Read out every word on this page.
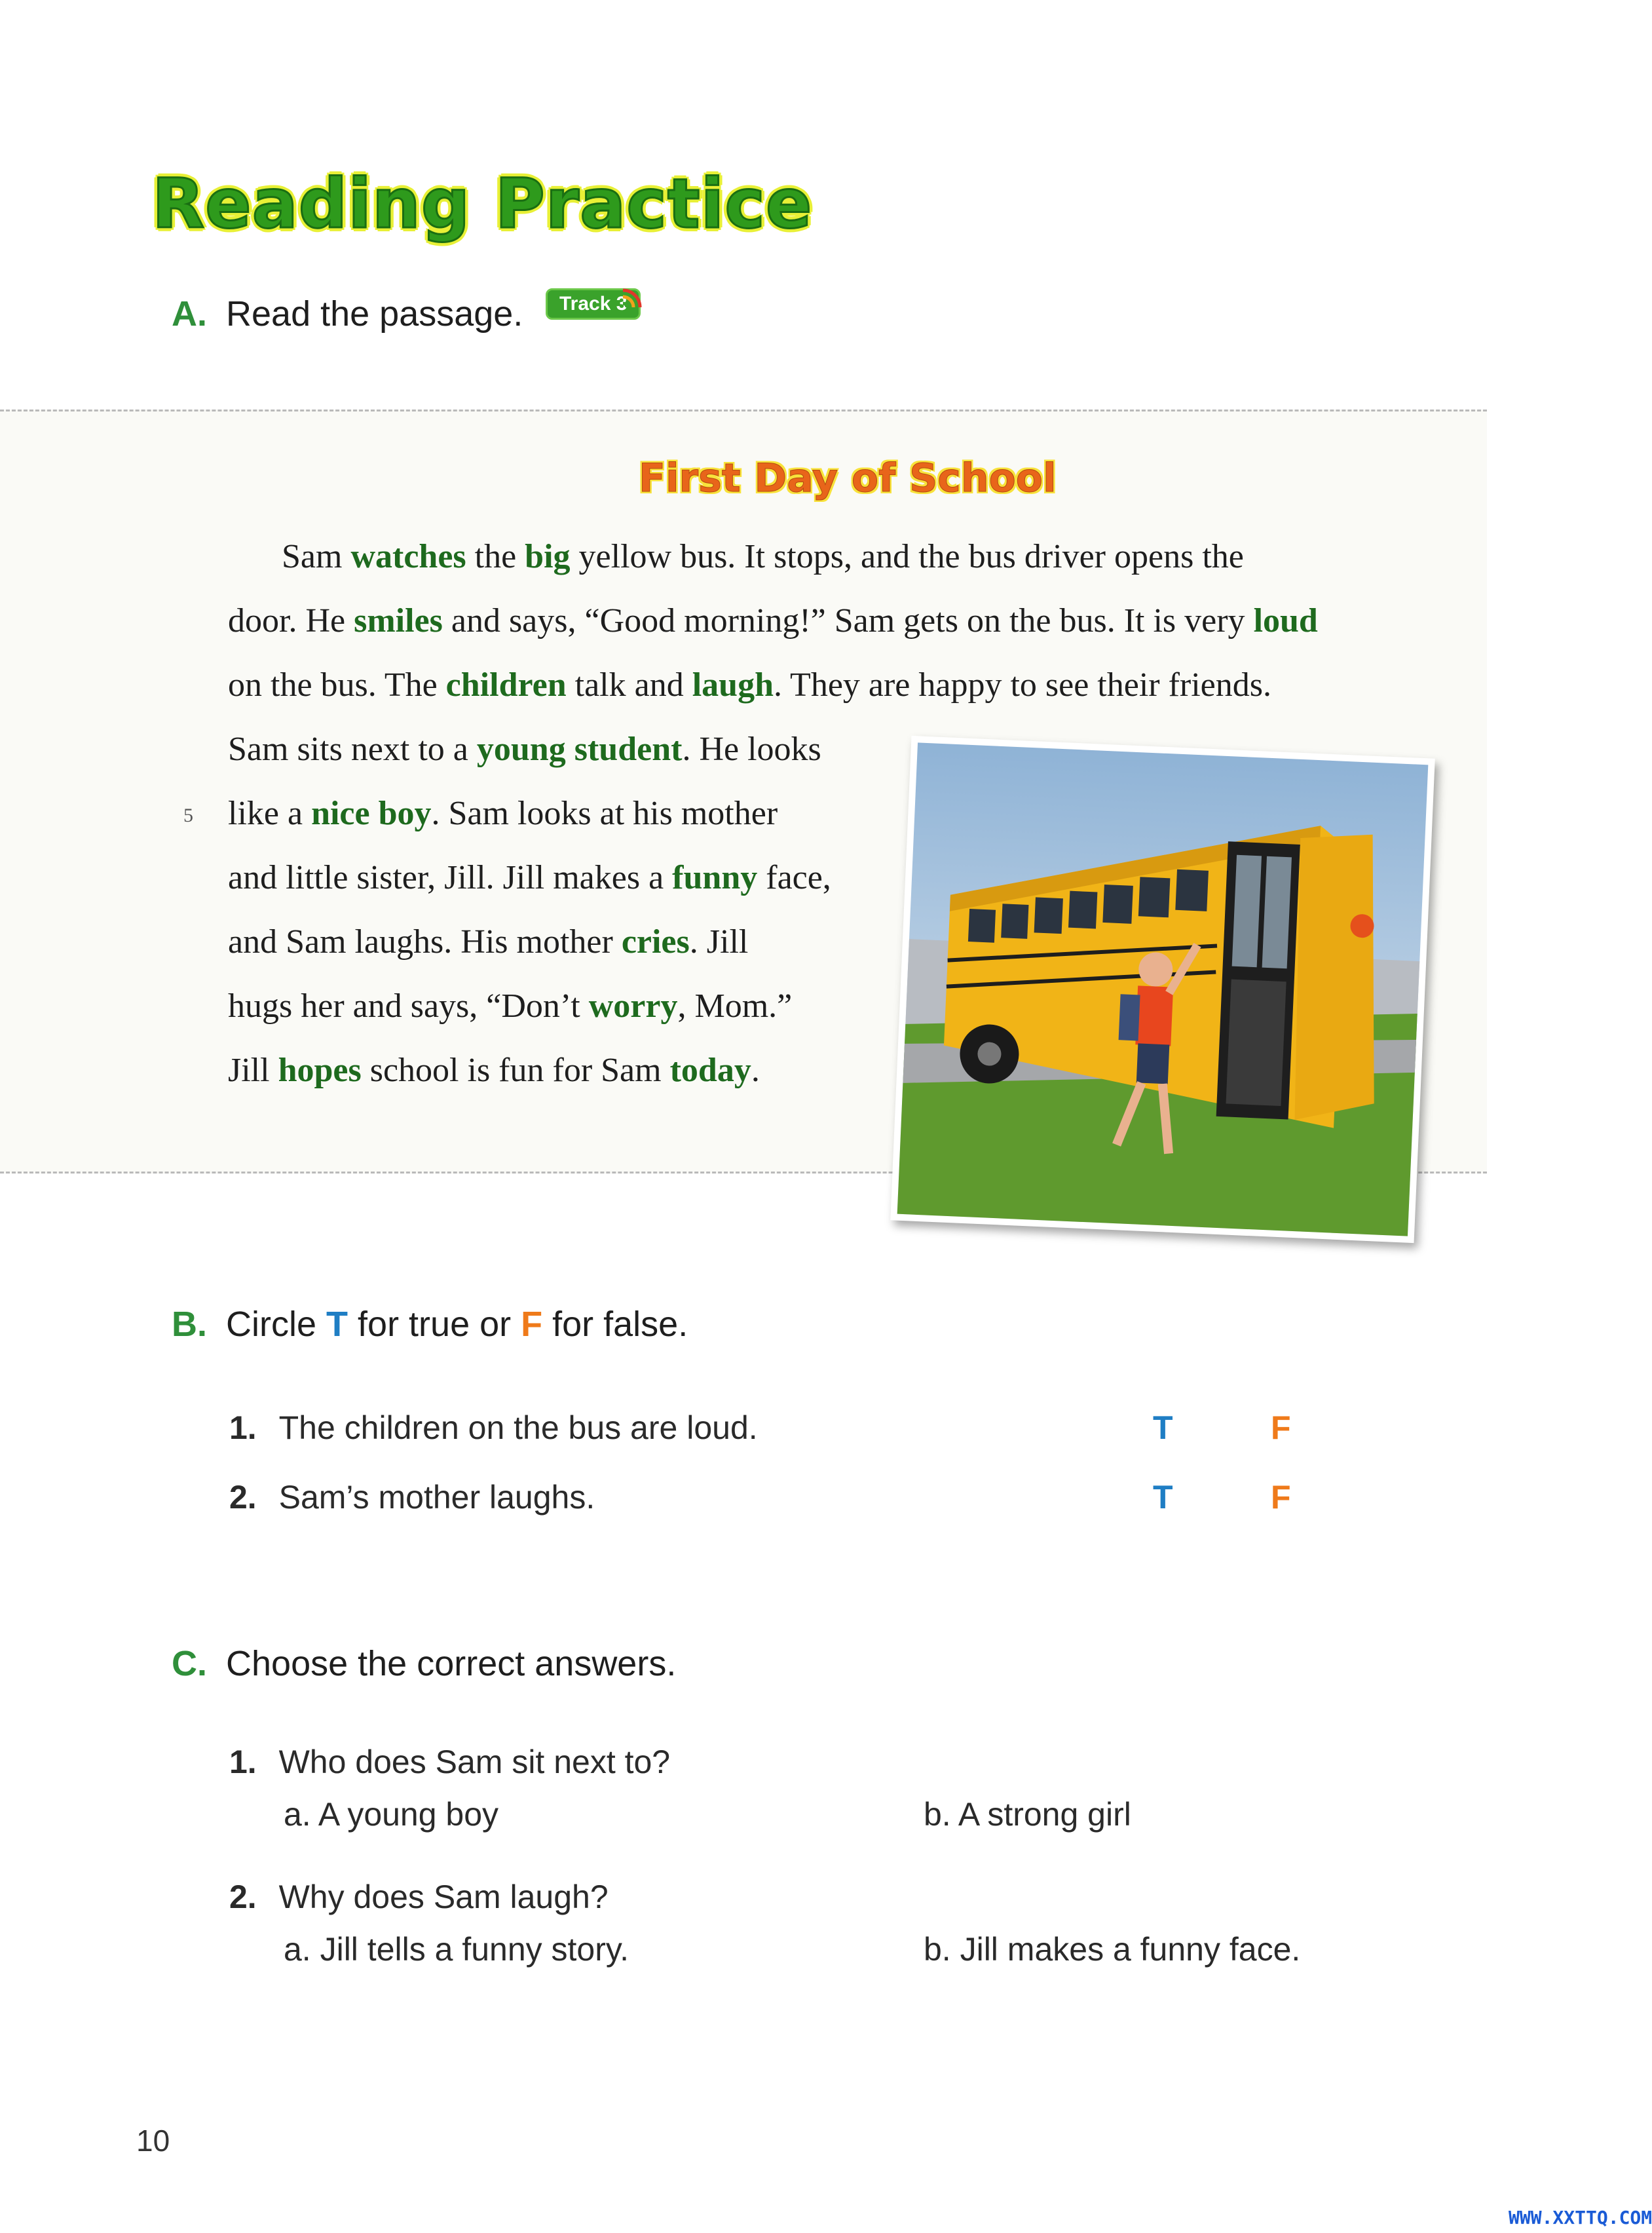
Reading Practice
A. Read the passage.	Track 3
First Day of School
Sam watches the big yellow bus. It stops, and the bus driver opens the
door. He smiles and says, “Good morning!” Sam gets on the bus. It is very loud
on the bus. The children talk and laugh. They are happy to see their friends.
Sam sits next to a young student. He looks
like a nice boy. Sam looks at his mother
and little sister, Jill. Jill makes a funny face,
and Sam laughs. His mother cries. Jill
hugs her and says, “Don’t worry, Mom.”
Jill hopes school is fun for Sam today.
5
B. Circle T for true or F for false.
1. The children on the bus are loud.	T	F
2. Sam’s mother laughs.	T	F
C. Choose the correct answers.
1. Who does Sam sit next to?
a. A young boy	b. A strong girl
2. Why does Sam laugh?
a. Jill tells a funny story.	b. Jill makes a funny face.
10
WWW.XXTTQ.COM
